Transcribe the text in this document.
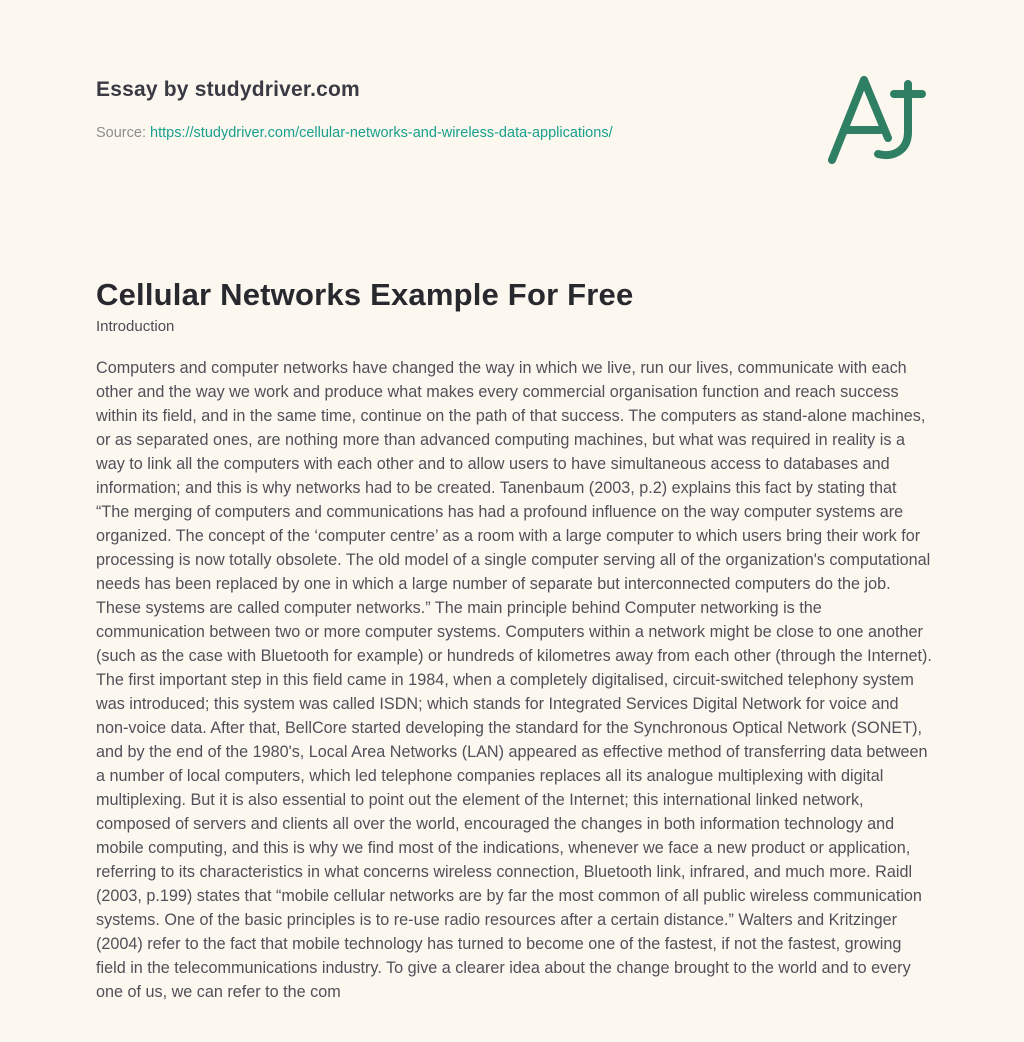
Essay by studydriver.com
Source: https://studydriver.com/cellular-networks-and-wireless-data-applications/
Cellular Networks Example For Free
Introduction
Computers and computer networks have changed the way in which we live, run our lives, communicate with each other and the way we work and produce what makes every commercial organisation function and reach success within its field, and in the same time, continue on the path of that success. The computers as stand-alone machines, or as separated ones, are nothing more than advanced computing machines, but what was required in reality is a way to link all the computers with each other and to allow users to have simultaneous access to databases and information; and this is why networks had to be created. Tanenbaum (2003, p.2) explains this fact by stating that “The merging of computers and communications has had a profound influence on the way computer systems are organized. The concept of the ‘computer centre’ as a room with a large computer to which users bring their work for processing is now totally obsolete. The old model of a single computer serving all of the organization's computational needs has been replaced by one in which a large number of separate but interconnected computers do the job. These systems are called computer networks.” The main principle behind Computer networking is the communication between two or more computer systems. Computers within a network might be close to one another (such as the case with Bluetooth for example) or hundreds of kilometres away from each other (through the Internet). The first important step in this field came in 1984, when a completely digitalised, circuit-switched telephony system was introduced; this system was called ISDN; which stands for Integrated Services Digital Network for voice and non-voice data. After that, BellCore started developing the standard for the Synchronous Optical Network (SONET), and by the end of the 1980's, Local Area Networks (LAN) appeared as effective method of transferring data between a number of local computers, which led telephone companies replaces all its analogue multiplexing with digital multiplexing. But it is also essential to point out the element of the Internet; this international linked network, composed of servers and clients all over the world, encouraged the changes in both information technology and mobile computing, and this is why we find most of the indications, whenever we face a new product or application, referring to its characteristics in what concerns wireless connection, Bluetooth link, infrared, and much more. Raidl (2003, p.199) states that “mobile cellular networks are by far the most common of all public wireless communication systems. One of the basic principles is to re-use radio resources after a certain distance.” Walters and Kritzinger (2004) refer to the fact that mobile technology has turned to become one of the fastest, if not the fastest, growing field in the telecommunications industry. To give a clearer idea about the change brought to the world and to every one of us, we can refer to the com
